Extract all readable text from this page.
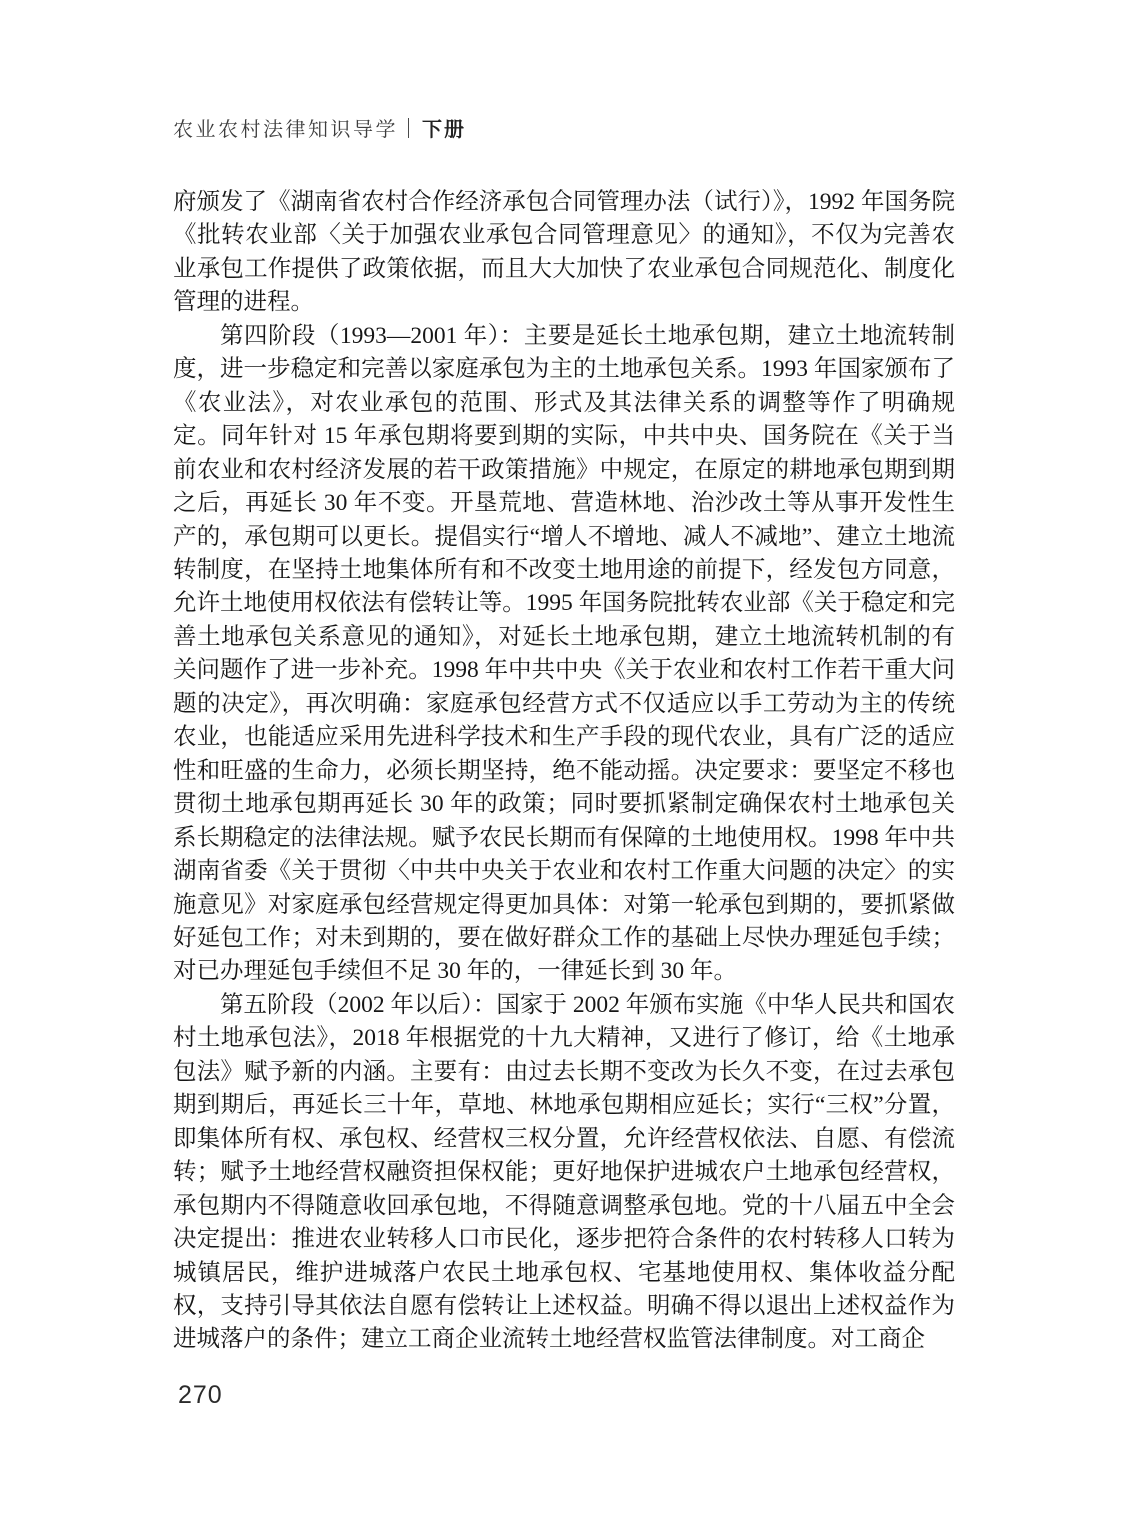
农业农村法律知识导学 下册

府颁发了《湖南省农村合作经济承包合同管理办法（试行）》，1992 年国务院《批转农业部〈关于加强农业承包合同管理意见〉的通知》，不仅为完善农业承包工作提供了政策依据，而且大大加快了农业承包合同规范化、制度化管理的进程。

第四阶段（1993—2001 年）：主要是延长土地承包期，建立土地流转制度，进一步稳定和完善以家庭承包为主的土地承包关系。1993 年国家颁布了《农业法》，对农业承包的范围、形式及其法律关系的调整等作了明确规定。同年针对 15 年承包期将要到期的实际，中共中央、国务院在《关于当前农业和农村经济发展的若干政策措施》中规定，在原定的耕地承包期到期之后，再延长 30 年不变。开垦荒地、营造林地、治沙改土等从事开发性生产的，承包期可以更长。提倡实行“增人不增地、减人不减地”、建立土地流转制度，在坚持土地集体所有和不改变土地用途的前提下，经发包方同意，允许土地使用权依法有偿转让等。1995 年国务院批转农业部《关于稳定和完善土地承包关系意见的通知》，对延长土地承包期，建立土地流转机制的有关问题作了进一步补充。1998 年中共中央《关于农业和农村工作若干重大问题的决定》，再次明确：家庭承包经营方式不仅适应以手工劳动为主的传统农业，也能适应采用先进科学技术和生产手段的现代农业，具有广泛的适应性和旺盛的生命力，必须长期坚持，绝不能动摇。决定要求：要坚定不移也贯彻土地承包期再延长 30 年的政策；同时要抓紧制定确保农村土地承包关系长期稳定的法律法规。赋予农民长期而有保障的土地使用权。1998 年中共湖南省委《关于贯彻〈中共中央关于农业和农村工作重大问题的决定〉的实施意见》对家庭承包经营规定得更加具体：对第一轮承包到期的，要抓紧做好延包工作；对未到期的，要在做好群众工作的基础上尽快办理延包手续；对已办理延包手续但不足 30 年的，一律延长到 30 年。

第五阶段（2002 年以后）：国家于 2002 年颁布实施《中华人民共和国农村土地承包法》，2018 年根据党的十九大精神，又进行了修订，给《土地承包法》赋予新的内涵。主要有：由过去长期不变改为长久不变，在过去承包期到期后，再延长三十年，草地、林地承包期相应延长；实行“三权”分置，即集体所有权、承包权、经营权三权分置，允许经营权依法、自愿、有偿流转；赋予土地经营权融资担保权能；更好地保护进城农户土地承包经营权，承包期内不得随意收回承包地，不得随意调整承包地。党的十八届五中全会决定提出：推进农业转移人口市民化，逐步把符合条件的农村转移人口转为城镇居民，维护进城落户农民土地承包权、宅基地使用权、集体收益分配权，支持引导其依法自愿有偿转让上述权益。明确不得以退出上述权益作为进城落户的条件；建立工商企业流转土地经营权监管法律制度。对工商企

270
